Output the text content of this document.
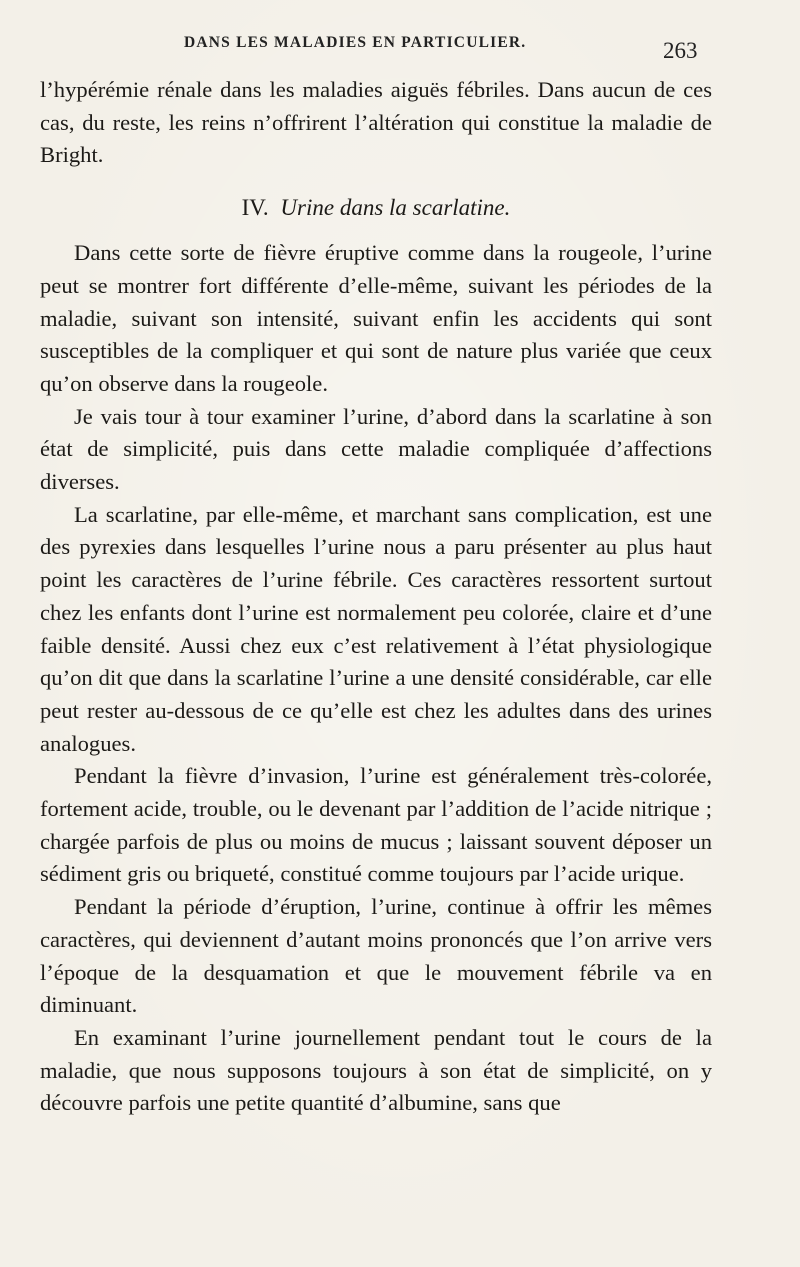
DANS LES MALADIES EN PARTICULIER.	263

l’hypérémie rénale dans les maladies aiguës fébriles. Dans aucun de ces cas, du reste, les reins n’offrirent l’altération qui constitue la maladie de Bright.

IV. Urine dans la scarlatine.

Dans cette sorte de fièvre éruptive comme dans la rougeole, l’urine peut se montrer fort différente d’elle-même, suivant les périodes de la maladie, suivant son intensité, suivant enfin les accidents qui sont susceptibles de la compliquer et qui sont de nature plus variée que ceux qu’on observe dans la rougeole.

Je vais tour à tour examiner l’urine, d’abord dans la scarlatine à son état de simplicité, puis dans cette maladie compliquée d’affections diverses.

La scarlatine, par elle-même, et marchant sans complication, est une des pyrexies dans lesquelles l’urine nous a paru présenter au plus haut point les caractères de l’urine fébrile. Ces caractères ressortent surtout chez les enfants dont l’urine est normalement peu colorée, claire et d’une faible densité. Aussi chez eux c’est relativement à l’état physiologique qu’on dit que dans la scarlatine l’urine a une densité considérable, car elle peut rester au-dessous de ce qu’elle est chez les adultes dans des urines analogues.

Pendant la fièvre d’invasion, l’urine est généralement très-colorée, fortement acide, trouble, ou le devenant par l’addition de l’acide nitrique ; chargée parfois de plus ou moins de mucus ; laissant souvent déposer un sédiment gris ou briqueté, constitué comme toujours par l’acide urique.

Pendant la période d’éruption, l’urine, continue à offrir les mêmes caractères, qui deviennent d’autant moins prononcés que l’on arrive vers l’époque de la desquamation et que le mouvement fébrile va en diminuant.

En examinant l’urine journellement pendant tout le cours de la maladie, que nous supposons toujours à son état de simplicité, on y découvre parfois une petite quantité d’albumine, sans que
